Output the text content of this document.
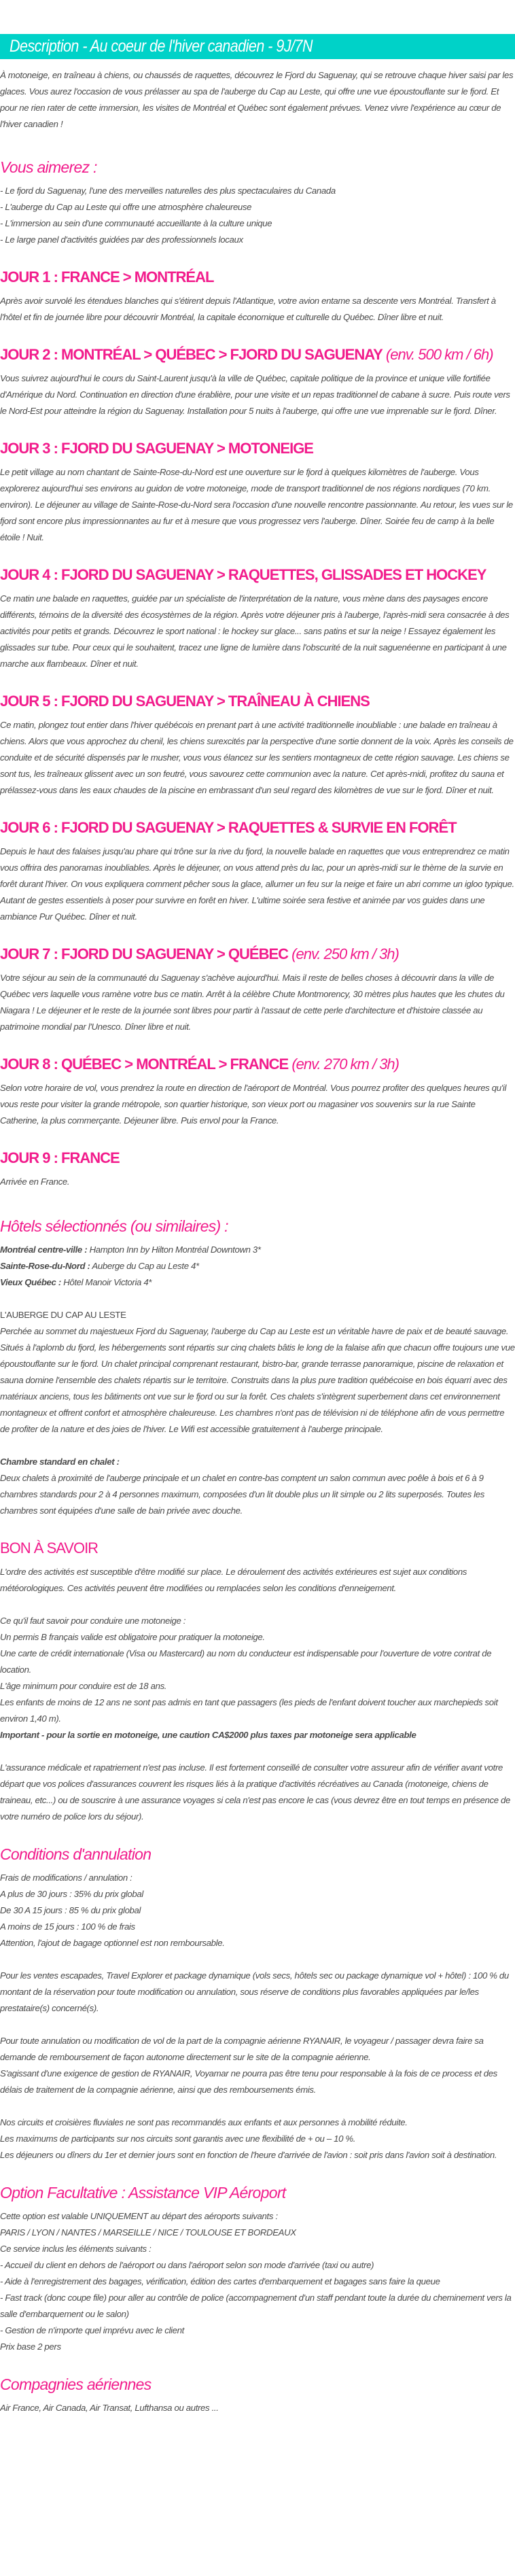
Description - Au coeur de l'hiver canadien - 9J/7N

À motoneige, en traîneau à chiens, ou chaussés de raquettes, découvrez le Fjord du Saguenay, qui se retrouve chaque hiver saisi par les glaces. Vous aurez l'occasion de vous prélasser au spa de l'auberge du Cap au Leste, qui offre une vue époustouflante sur le fjord. Et pour ne rien rater de cette immersion, les visites de Montréal et Québec sont également prévues. Venez vivre l'expérience au cœur de l'hiver canadien !

Vous aimerez :
- Le fjord du Saguenay, l'une des merveilles naturelles des plus spectaculaires du Canada
- L'auberge du Cap au Leste qui offre une atmosphère chaleureuse
- L'immersion au sein d'une communauté accueillante à la culture unique
- Le large panel d'activités guidées par des professionnels locaux
JOUR 1 : FRANCE > MONTRÉAL

Après avoir survolé les étendues blanches qui s'étirent depuis l'Atlantique, votre avion entame sa descente vers Montréal. Transfert à l'hôtel et fin de journée libre pour découvrir Montréal, la capitale économique et culturelle du Québec. Dîner libre et nuit.

JOUR 2 : MONTRÉAL > QUÉBEC > FJORD DU SAGUENAY (env. 500 km / 6h)

Vous suivrez aujourd'hui le cours du Saint-Laurent jusqu'à la ville de Québec, capitale politique de la province et unique ville fortifiée d'Amérique du Nord. Continuation en direction d'une érablière, pour une visite et un repas traditionnel de cabane à sucre. Puis route vers le Nord-Est pour atteindre la région du Saguenay. Installation pour 5 nuits à l'auberge, qui offre une vue imprenable sur le fjord. Dîner.

JOUR 3 : FJORD DU SAGUENAY > MOTONEIGE

Le petit village au nom chantant de Sainte-Rose-du-Nord est une ouverture sur le fjord à quelques kilomètres de l'auberge. Vous explorerez aujourd'hui ses environs au guidon de votre motoneige, mode de transport traditionnel de nos régions nordiques (70 km. environ). Le déjeuner au village de Sainte-Rose-du-Nord sera l'occasion d'une nouvelle rencontre passionnante. Au retour, les vues sur le fjord sont encore plus impressionnantes au fur et à mesure que vous progressez vers l'auberge. Dîner. Soirée feu de camp à la belle étoile ! Nuit.

JOUR 4 : FJORD DU SAGUENAY > RAQUETTES, GLISSADES ET HOCKEY

Ce matin une balade en raquettes, guidée par un spécialiste de l'interprétation de la nature, vous mène dans des paysages encore différents, témoins de la diversité des écosystèmes de la région. Après votre déjeuner pris à l'auberge, l'après-midi sera consacrée à des activités pour petits et grands. Découvrez le sport national : le hockey sur glace... sans patins et sur la neige ! Essayez également les glissades sur tube. Pour ceux qui le souhaitent, tracez une ligne de lumière dans l'obscurité de la nuit saguenéenne en participant à une marche aux flambeaux. Dîner et nuit.

JOUR 5 : FJORD DU SAGUENAY > TRAÎNEAU À CHIENS

Ce matin, plongez tout entier dans l'hiver québécois en prenant part à une activité traditionnelle inoubliable : une balade en traîneau à chiens. Alors que vous approchez du chenil, les chiens surexcités par la perspective d'une sortie donnent de la voix. Après les conseils de conduite et de sécurité dispensés par le musher, vous vous élancez sur les sentiers montagneux de cette région sauvage. Les chiens se sont tus, les traîneaux glissent avec un son feutré, vous savourez cette communion avec la nature. Cet après-midi, profitez du sauna et prélassez-vous dans les eaux chaudes de la piscine en embrassant d'un seul regard des kilomètres de vue sur le fjord. Dîner et nuit.

JOUR 6 : FJORD DU SAGUENAY > RAQUETTES & SURVIE EN FORÊT

Depuis le haut des falaises jusqu'au phare qui trône sur la rive du fjord, la nouvelle balade en raquettes que vous entreprendrez ce matin vous offrira des panoramas inoubliables. Après le déjeuner, on vous attend près du lac, pour un après-midi sur le thème de la survie en forêt durant l'hiver. On vous expliquera comment pêcher sous la glace, allumer un feu sur la neige et faire un abri comme un igloo typique. Autant de gestes essentiels à poser pour survivre en forêt en hiver. L'ultime soirée sera festive et animée par vos guides dans une ambiance Pur Québec. Dîner et nuit.

JOUR 7 : FJORD DU SAGUENAY > QUÉBEC (env. 250 km / 3h)

Votre séjour au sein de la communauté du Saguenay s'achève aujourd'hui. Mais il reste de belles choses à découvrir dans la ville de Québec vers laquelle vous ramène votre bus ce matin. Arrêt à la célèbre Chute Montmorency, 30 mètres plus hautes que les chutes du Niagara ! Le déjeuner et le reste de la journée sont libres pour partir à l'assaut de cette perle d'architecture et d'histoire classée au patrimoine mondial par l'Unesco. Dîner libre et nuit.

JOUR 8 : QUÉBEC > MONTRÉAL > FRANCE (env. 270 km / 3h)

Selon votre horaire de vol, vous prendrez la route en direction de l'aéroport de Montréal. Vous pourrez profiter des quelques heures qu'il vous reste pour visiter la grande métropole, son quartier historique, son vieux port ou magasiner vos souvenirs sur la rue Sainte Catherine, la plus commerçante. Déjeuner libre. Puis envol pour la France.

JOUR 9 : FRANCE

Arrivée en France.

Hôtels sélectionnés (ou similaires) :
Montréal centre-ville : Hampton Inn by Hilton Montréal Downtown 3*
Sainte-Rose-du-Nord : Auberge du Cap au Leste 4*
Vieux Québec : Hôtel Manoir Victoria 4*
L'AUBERGE DU CAP AU LESTE

Perchée au sommet du majestueux Fjord du Saguenay, l'auberge du Cap au Leste est un véritable havre de paix et de beauté sauvage. Situés à l'aplomb du fjord, les hébergements sont répartis sur cinq chalets bâtis le long de la falaise afin que chacun offre toujours une vue époustouflante sur le fjord. Un chalet principal comprenant restaurant, bistro-bar, grande terrasse panoramique, piscine de relaxation et sauna domine l'ensemble des chalets répartis sur le territoire. Construits dans la plus pure tradition québécoise en bois équarri avec des matériaux anciens, tous les bâtiments ont vue sur le fjord ou sur la forêt. Ces chalets s'intègrent superbement dans cet environnement montagneux et offrent confort et atmosphère chaleureuse. Les chambres n'ont pas de télévision ni de téléphone afin de vous permettre de profiter de la nature et des joies de l'hiver. Le Wifi est accessible gratuitement à l'auberge principale.

Chambre standard en chalet :

Deux chalets à proximité de l'auberge principale et un chalet en contre-bas comptent un salon commun avec poêle à bois et 6 à 9 chambres standards pour 2 à 4 personnes maximum, composées d'un lit double plus un lit simple ou 2 lits superposés. Toutes les chambres sont équipées d'une salle de bain privée avec douche.

BON À SAVOIR

L'ordre des activités est susceptible d'être modifié sur place. Le déroulement des activités extérieures est sujet aux conditions météorologiques. Ces activités peuvent être modifiées ou remplacées selon les conditions d'enneigement.

Ce qu'il faut savoir pour conduire une motoneige :
Un permis B français valide est obligatoire pour pratiquer la motoneige.
Une carte de crédit internationale (Visa ou Mastercard) au nom du conducteur est indispensable pour l'ouverture de votre contrat de location.
L'âge minimum pour conduire est de 18 ans.
Les enfants de moins de 12 ans ne sont pas admis en tant que passagers (les pieds de l'enfant doivent toucher aux marchepieds soit environ 1,40 m).
Important - pour la sortie en motoneige, une caution CA$2000 plus taxes par motoneige sera applicable

L'assurance médicale et rapatriement n'est pas incluse. Il est fortement conseillé de consulter votre assureur afin de vérifier avant votre départ que vos polices d'assurances couvrent les risques liés à la pratique d'activités récréatives au Canada (motoneige, chiens de traineau, etc...) ou de souscrire à une assurance voyages si cela n'est pas encore le cas (vous devrez être en tout temps en présence de votre numéro de police lors du séjour).

Conditions d'annulation
Frais de modifications / annulation :
A plus de 30 jours : 35% du prix global
De 30 A 15 jours : 85 % du prix global
A moins de 15 jours : 100 % de frais
Attention, l'ajout de bagage optionnel est non remboursable.

Pour les ventes escapades, Travel Explorer et package dynamique (vols secs, hôtels sec ou package dynamique vol + hôtel) : 100 % du montant de la réservation pour toute modification ou annulation, sous réserve de conditions plus favorables appliquées par le/les prestataire(s) concerné(s).

Pour toute annulation ou modification de vol de la part de la compagnie aérienne RYANAIR, le voyageur / passager devra faire sa demande de remboursement de façon autonome directement sur le site de la compagnie aérienne.

S'agissant d'une exigence de gestion de RYANAIR, Voyamar ne pourra pas être tenu pour responsable à la fois de ce process et des délais de traitement de la compagnie aérienne, ainsi que des remboursements émis.

Nos circuits et croisières fluviales ne sont pas recommandés aux enfants et aux personnes à mobilité réduite.
Les maximums de participants sur nos circuits sont garantis avec une flexibilité de + ou – 10 %.
Les déjeuners ou dîners du 1er et dernier jours sont en fonction de l'heure d'arrivée de l'avion : soit pris dans l'avion soit à destination.
Option Facultative : Assistance VIP Aéroport
Cette option est valable UNIQUEMENT au départ des aéroports suivants :
PARIS / LYON / NANTES / MARSEILLE / NICE / TOULOUSE ET BORDEAUX
Ce service inclus les éléments suivants :
- Accueil du client en dehors de l'aéroport ou dans l'aéroport selon son mode d'arrivée (taxi ou autre)
- Aide à l'enregistrement des bagages, vérification, édition des cartes d'embarquement et bagages sans faire la queue
- Fast track (donc coupe file) pour aller au contrôle de police (accompagnement d'un staff pendant toute la durée du cheminement vers la salle d'embarquement ou le salon)
- Gestion de n'importe quel imprévu avec le client
Prix base 2 pers
Compagnies aériennes

Air France, Air Canada, Air Transat, Lufthansa ou autres ...
